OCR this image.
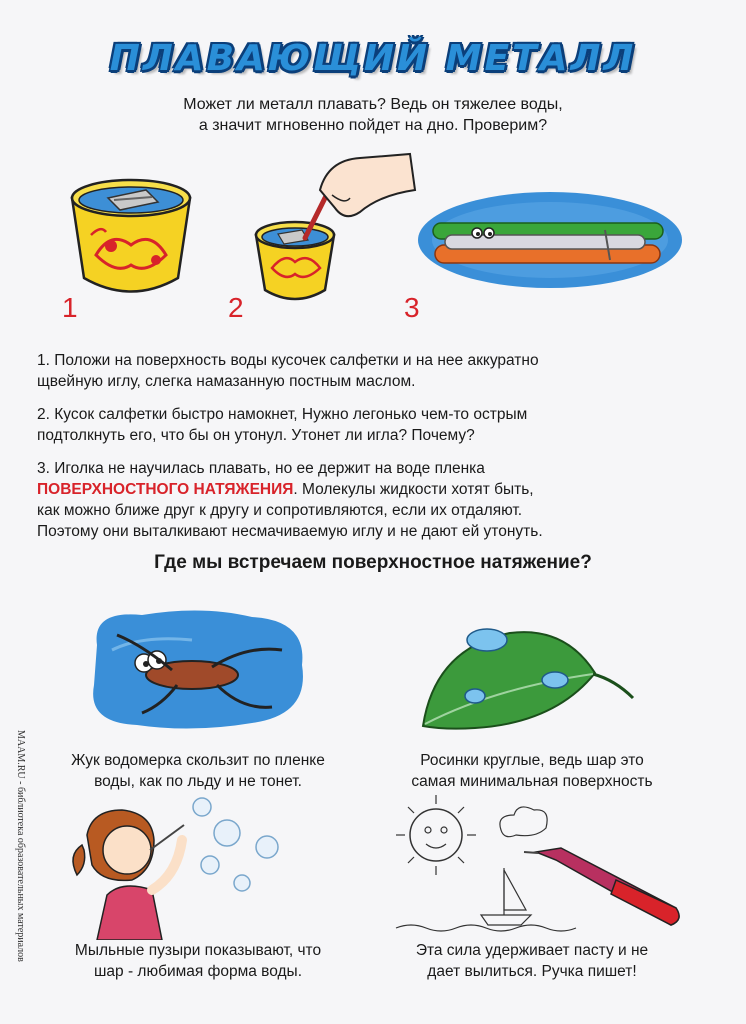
ПЛАВАЮЩИЙ МЕТАЛЛ
Может ли металл плавать? Ведь он тяжелее воды,
а значит мгновенно пойдет на дно. Проверим?
1	2	3
1. Положи на поверхность воды кусочек салфетки и на нее аккуратно
щвейную иглу, слегка намазанную постным маслом.
2. Кусок салфетки быстро намокнет, Нужно легонько чем-то острым
подтолкнуть его, что бы он утонул. Утонет ли игла? Почему?
3. Иголка не научилась плавать, но ее держит на воде пленка
ПОВЕРХНОСТНОГО НАТЯЖЕНИЯ. Молекулы жидкости хотят быть,
как можно ближе друг к другу и сопротивляются, если их отдаляют.
Поэтому они выталкивают несмачиваемую иглу и не дают ей утонуть.
Где мы встречаем поверхностное натяжение?
Жук водомерка скользит по пленке
воды, как по льду и не тонет.
Росинки круглые, ведь шар это
самая минимальная поверхность
Мыльные пузыри показывают, что
шар - любимая форма воды.
Эта сила удерживает пасту и не
дает вылиться. Ручка пишет!
MAAM.RU - библиотека образовательных материалов
